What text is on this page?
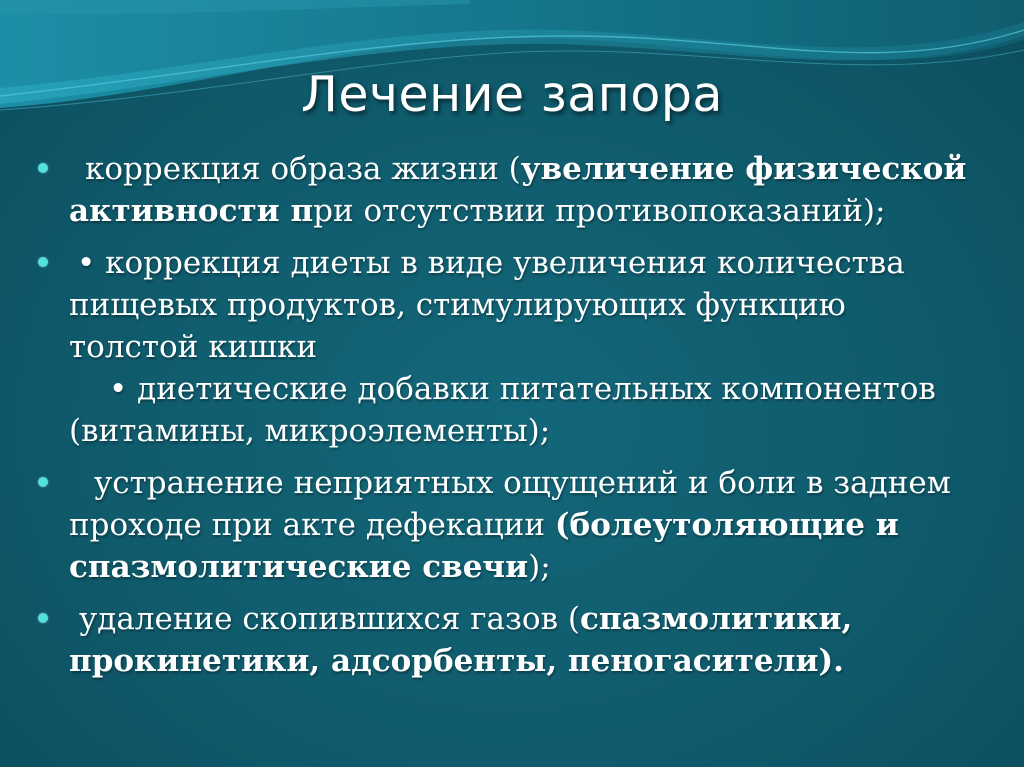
Лечение запора
коррекция образа жизни (увеличение физической
активности при отсутствии противопоказаний);
• коррекция диеты в виде увеличения количества
пищевых продуктов, стимулирующих функцию
толстой кишки
• диетические добавки питательных компонентов
(витамины, микроэлементы);
устранение неприятных ощущений и боли в заднем
проходе при акте дефекации (болеутоляющие и
спазмолитические свечи);
удаление скопившихся газов (спазмолитики,
прокинетики, адсорбенты, пеногасители).
